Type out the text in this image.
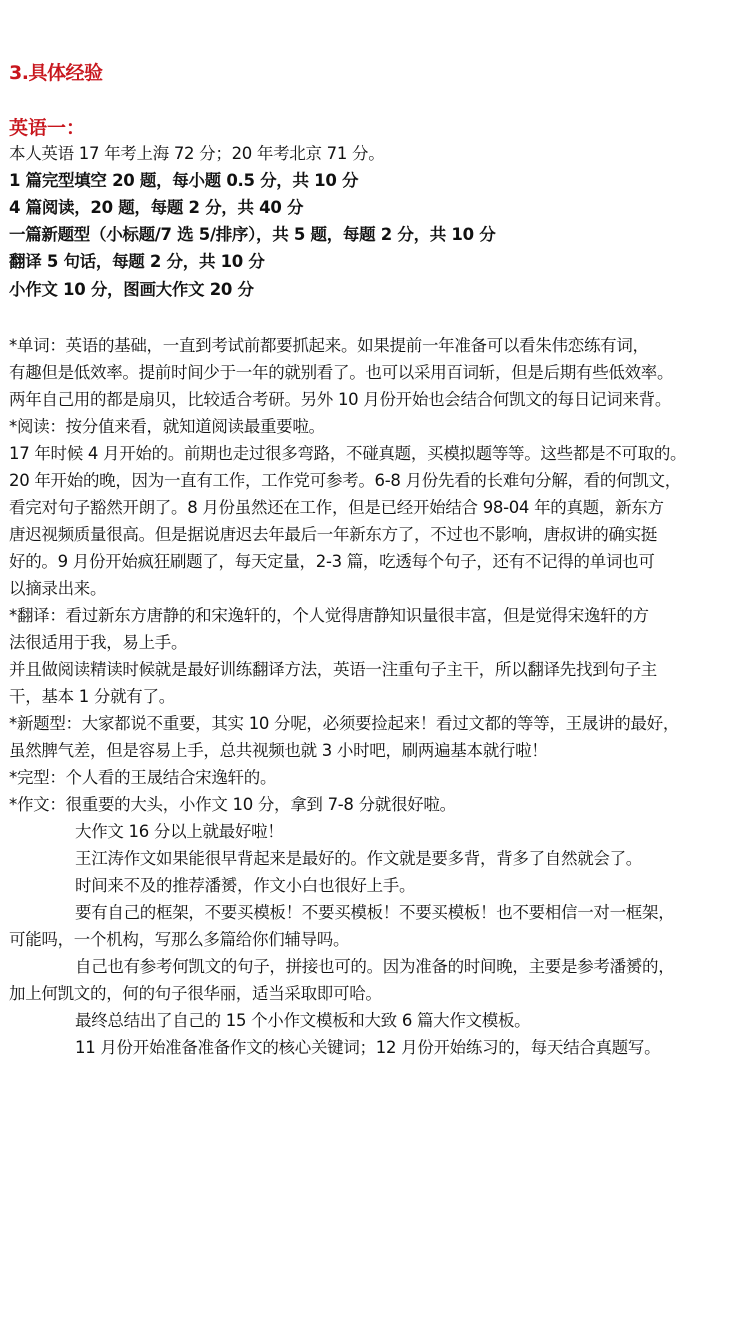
3.具体经验
英语一：
本人英语 17 年考上海 72 分；20 年考北京 71 分。
1 篇完型填空 20 题，每小题 0.5 分，共 10 分
4 篇阅读，20 题，每题 2 分，共 40 分
一篇新题型（小标题/7 选 5/排序），共 5 题，每题 2 分，共 10 分
翻译 5 句话，每题 2 分，共 10 分
小作文 10 分，图画大作文 20 分
*单词：英语的基础，一直到考试前都要抓起来。如果提前一年准备可以看朱伟恋练有词，
有趣但是低效率。提前时间少于一年的就别看了。也可以采用百词斩，但是后期有些低效率。
两年自己用的都是扇贝，比较适合考研。另外 10 月份开始也会结合何凯文的每日记词来背。
*阅读：按分值来看，就知道阅读最重要啦。
17 年时候 4 月开始的。前期也走过很多弯路，不碰真题，买模拟题等等。这些都是不可取的。
20 年开始的晚，因为一直有工作，工作党可参考。6-8 月份先看的长难句分解，看的何凯文，
看完对句子豁然开朗了。8 月份虽然还在工作，但是已经开始结合 98-04 年的真题，新东方
唐迟视频质量很高。但是据说唐迟去年最后一年新东方了，不过也不影响，唐叔讲的确实挺
好的。9 月份开始疯狂刷题了，每天定量，2-3 篇，吃透每个句子，还有不记得的单词也可
以摘录出来。
*翻译：看过新东方唐静的和宋逸轩的，个人觉得唐静知识量很丰富，但是觉得宋逸轩的方
法很适用于我，易上手。
并且做阅读精读时候就是最好训练翻译方法，英语一注重句子主干，所以翻译先找到句子主
干，基本 1 分就有了。
*新题型：大家都说不重要，其实 10 分呢，必须要捡起来！看过文都的等等，王晟讲的最好，
虽然脾气差，但是容易上手，总共视频也就 3 小时吧，刷两遍基本就行啦！
*完型：个人看的王晟结合宋逸轩的。
*作文：很重要的大头，小作文 10 分，拿到 7-8 分就很好啦。
大作文 16 分以上就最好啦！
王江涛作文如果能很早背起来是最好的。作文就是要多背，背多了自然就会了。
时间来不及的推荐潘赟，作文小白也很好上手。
要有自己的框架，不要买模板！不要买模板！不要买模板！也不要相信一对一框架，
可能吗，一个机构，写那么多篇给你们辅导吗。
自己也有参考何凯文的句子，拼接也可的。因为准备的时间晚，主要是参考潘赟的，
加上何凯文的，何的句子很华丽，适当采取即可哈。
最终总结出了自己的 15 个小作文模板和大致 6 篇大作文模板。
11 月份开始准备准备作文的核心关键词；12 月份开始练习的，每天结合真题写。
